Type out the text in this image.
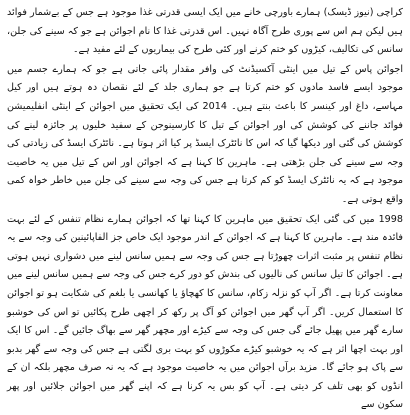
کراچی (نیوز ڈیسک) ہمارے باورچی خانے میں ایک ایسی قدرتی غذا موجود ہے جس کے بےشمار فوائد ہیں لیکن ہم اس سے پوری طرح آگاہ نہیں۔ اس قدرتی غذا کا نام اجوائن ہے جو کہ سینے کی جلن، سانس کی تکالیف، کیڑوں کو ختم کرنے اور کئی طرح کی بیماریوں کے لئے مفید ہے۔

اجوائن پاس کے تیل میں اینٹی آکسیڈنٹ کی وافر مقدار پائی جاتی ہے جو کہ ہمارے جسم میں موجود ایسے فاسد مادوں کو ختم کرتا ہے جو ہماری جلد کے لئے نقصان دہ ہوتے ہیں اور کیل مہاسے، داغ اور کینسر کا باعث بنتے ہیں۔ 2014 کی ایک تحقیق میں اجوائن کے اینٹی انفلیمیشن فوائد جاننے کی کوشش کی اور اجوائن کے تیل کا کارسینوجن کے سفید خلیوں پر جائزہ لینے کی کوشش کی گئی اور دیکھا گیا کہ اس کا نائٹرک ایسڈ پر کیا اثر ہوتا ہے۔ نائٹرک ایسڈ کی زیادتی کی وجہ سے سینے کی جلن بڑھتی ہے۔ ماہرین کا کہنا ہے کہ اجوائن اور اس کے تیل میں یہ خاصیت موجود ہے کہ یہ نائٹرک ایسڈ کو کم کرتا ہے جس کی وجہ سے سینے کی جلن میں خاطر خواہ کمی واقع ہوتی ہے۔

1998 میں کی گئی ایک تحقیق میں ماہرین کا کہنا تھا کہ اجوائن ہمارے نظام تنفس کے لئے بہت فائدہ مند ہے۔ ماہرین کا کہنا ہے کہ اجوائن کے اندر موجود ایک خاص جز الفاپائینین کی وجہ سے یہ نظام تنفس پر مثبت اثرات چھوڑتا ہے جس کی وجہ سے ہمیں سانس لینے میں دشواری نہیں ہوتی ہے۔ اجوائن کا تیل سانس کی نالیوں کی بندش کو دور کرے جس کی وجہ سے ہمیں سانس لینے میں معاونت کرتا ہے۔ اگر آپ کو نزلہ زکام، سانس کا کھچاؤ یا کھانسی یا بلغم کی شکایت ہو تو اجوائن کا استعمال کریں۔ اگر آپ گھر میں اجوائن کو آگ پر رکھ کر اچھی طرح پکائیں تو اس کی خوشبو سارے گھر میں پھیل جائے گی جس کی وجہ سے کیڑے اور مچھر گھر سے بھاگ جائیں گے۔ اس کا ایک اور بہت اچھا اثر ہے کہ یہ خوشبو کیڑے مکوڑوں کو بہت بری لگتی ہے جس کی وجہ سے گھر بدبو سے پاک ہو جائے گا۔ مزید برآں اجوائن میں یہ خاصیت موجود ہے کہ یہ نہ صرف مچھر بلکہ ان کے انڈوں کو بھی تلف کر دیتی ہے۔ آپ کو بس یہ کرنا ہے کہ اپنے گھر میں اجوائن جلائیں اور پھر سکون سے
